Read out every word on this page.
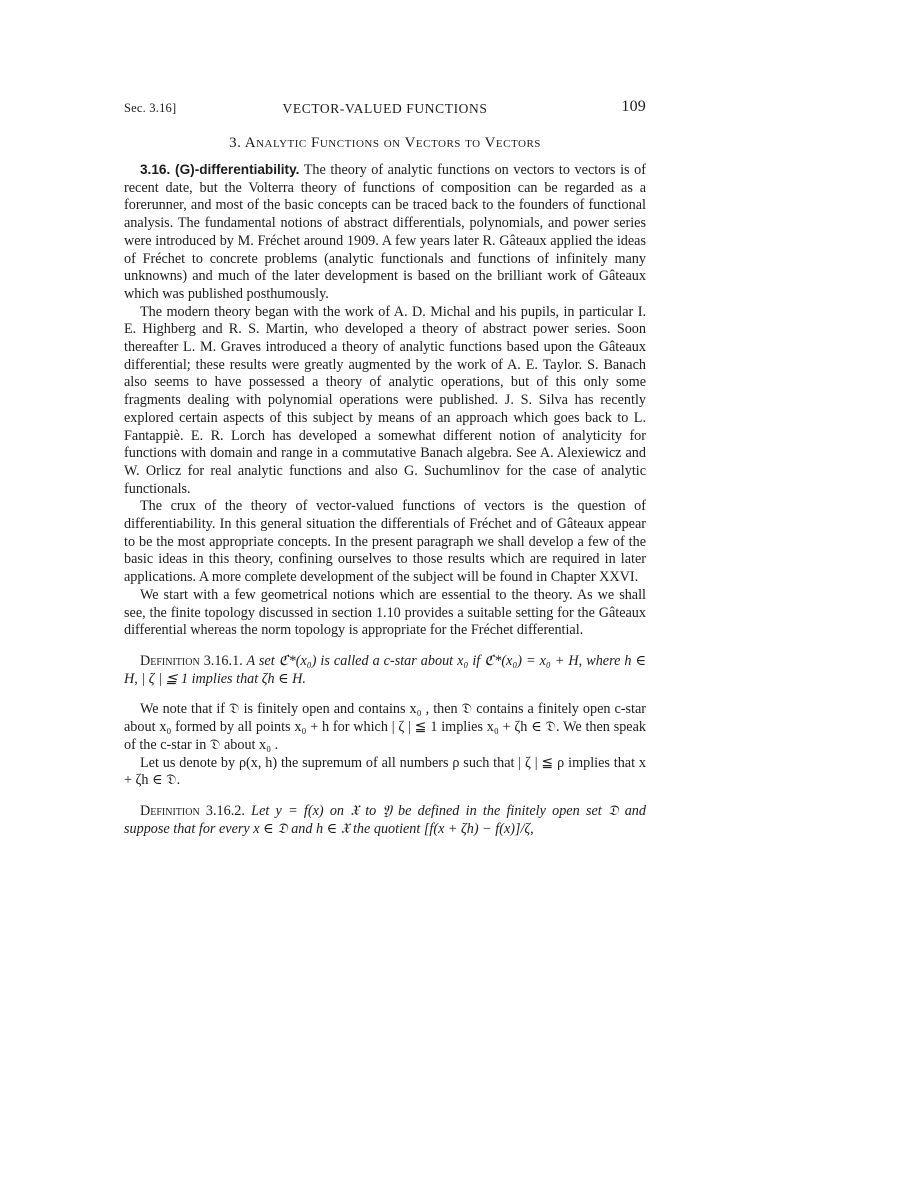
Sec. 3.16]	VECTOR-VALUED FUNCTIONS	109
3. Analytic Functions on Vectors to Vectors

3.16. (G)-differentiability. The theory of analytic functions on vectors to vectors is of recent date, but the Volterra theory of functions of composition can be regarded as a forerunner, and most of the basic concepts can be traced back to the founders of functional analysis. The fundamental notions of abstract differentials, polynomials, and power series were introduced by M. Fréchet around 1909. A few years later R. Gâteaux applied the ideas of Fréchet to concrete problems (analytic functionals and functions of infinitely many unknowns) and much of the later development is based on the brilliant work of Gâteaux which was published posthumously.

The modern theory began with the work of A. D. Michal and his pupils, in particular I. E. Highberg and R. S. Martin, who developed a theory of abstract power series. Soon thereafter L. M. Graves introduced a theory of analytic functions based upon the Gâteaux differential; these results were greatly augmented by the work of A. E. Taylor. S. Banach also seems to have possessed a theory of analytic operations, but of this only some fragments dealing with polynomial operations were published. J. S. Silva has recently explored certain aspects of this subject by means of an approach which goes back to L. Fantappiè. E. R. Lorch has developed a somewhat different notion of analyticity for functions with domain and range in a commutative Banach algebra. See A. Alexiewicz and W. Orlicz for real analytic functions and also G. Suchumlinov for the case of analytic functionals.

The crux of the theory of vector-valued functions of vectors is the question of differentiability. In this general situation the differentials of Fréchet and of Gâteaux appear to be the most appropriate concepts. In the present paragraph we shall develop a few of the basic ideas in this theory, confining ourselves to those results which are required in later applications. A more complete development of the subject will be found in Chapter XXVI.

We start with a few geometrical notions which are essential to the theory. As we shall see, the finite topology discussed in section 1.10 provides a suitable setting for the Gâteaux differential whereas the norm topology is appropriate for the Fréchet differential.

Definition 3.16.1. A set ℭ*(x₀) is called a c-star about x₀ if ℭ*(x₀) = x₀ + H, where h ∈ H, | ζ | ≦ 1 implies that ζh ∈ H.

We note that if 𝔇 is finitely open and contains x₀ , then 𝔇 contains a finitely open c-star about x₀ formed by all points x₀ + h for which | ζ | ≦ 1 implies x₀ + ζh ∈ 𝔇. We then speak of the c-star in 𝔇 about x₀ .

Let us denote by ρ(x, h) the supremum of all numbers ρ such that | ζ | ≦ ρ implies that x + ζh ∈ 𝔇.

Definition 3.16.2. Let y = f(x) on 𝔛 to 𝔜 be defined in the finitely open set 𝔇 and suppose that for every x ∈ 𝔇 and h ∈ 𝔛 the quotient [f(x + ζh) − f(x)]/ζ,
